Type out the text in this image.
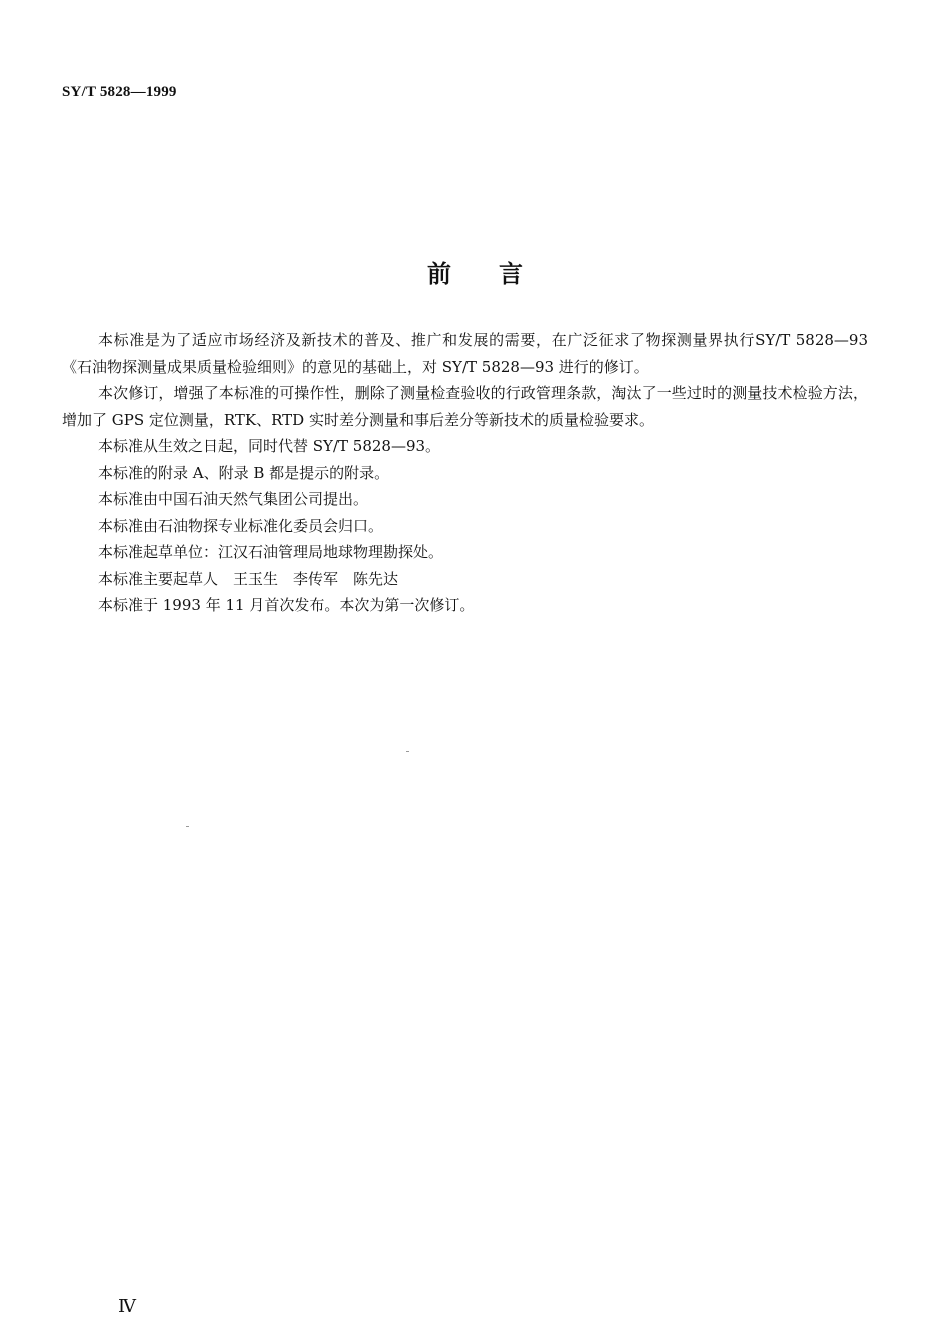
SY/T 5828—1999
前言

本标准是为了适应市场经济及新技术的普及、推广和发展的需要，在广泛征求了物探测量界执行SY/T 5828—93《石油物探测量成果质量检验细则》的意见的基础上，对 SY/T 5828—93 进行的修订。

本次修订，增强了本标准的可操作性，删除了测量检查验收的行政管理条款，淘汰了一些过时的测量技术检验方法，增加了 GPS 定位测量，RTK、RTD 实时差分测量和事后差分等新技术的质量检验要求。

本标准从生效之日起，同时代替 SY/T 5828—93。

本标准的附录 A、附录 B 都是提示的附录。

本标准由中国石油天然气集团公司提出。

本标准由石油物探专业标准化委员会归口。

本标准起草单位：江汉石油管理局地球物理勘探处。

本标准主要起草人　王玉生　李传军　陈先达

本标准于 1993 年 11 月首次发布。本次为第一次修订。

Ⅳ
